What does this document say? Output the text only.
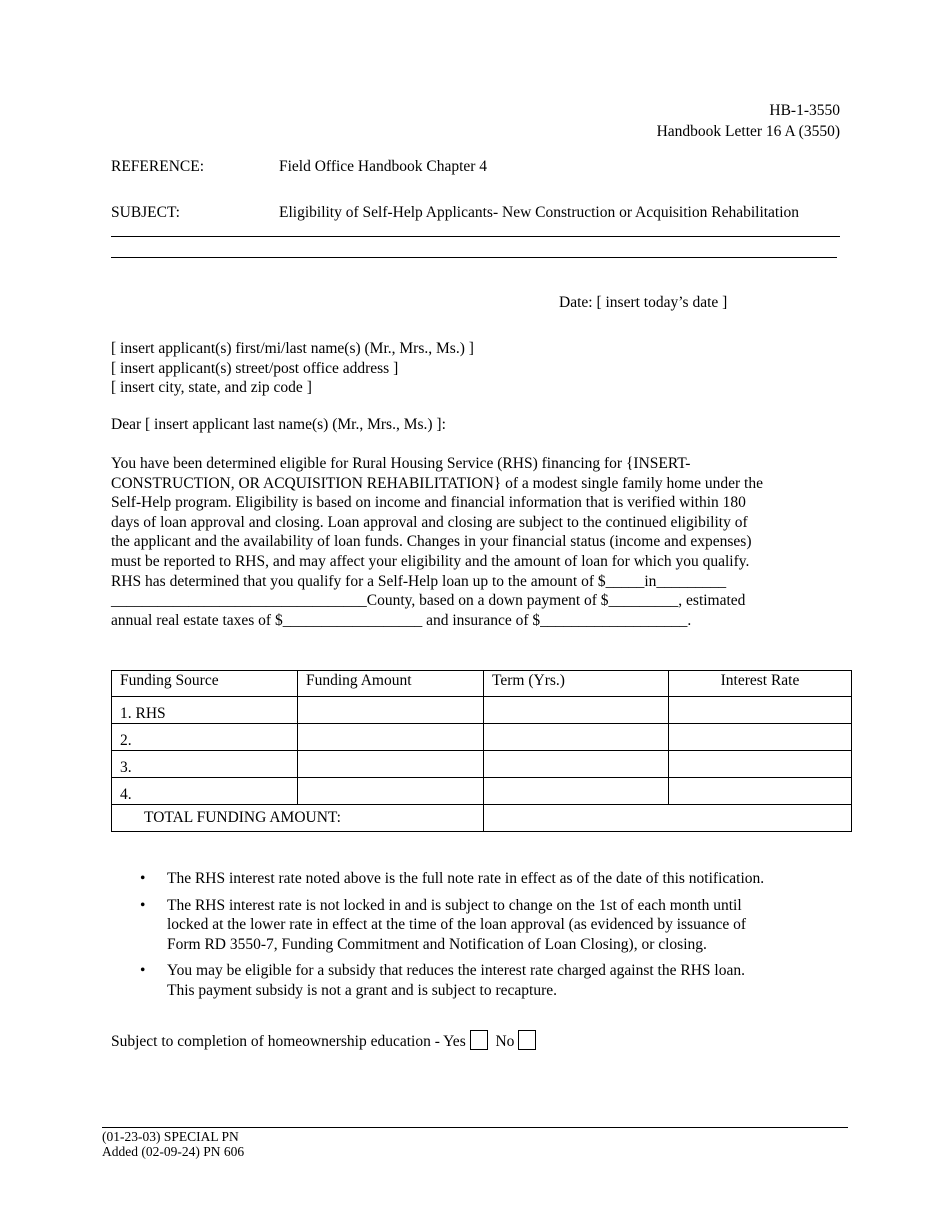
HB-1-3550
Handbook Letter 16 A (3550)
REFERENCE:	Field Office Handbook Chapter 4
SUBJECT:	Eligibility of Self-Help Applicants- New Construction or Acquisition Rehabilitation
Date: [ insert today’s date ]
[ insert applicant(s) first/mi/last name(s) (Mr., Mrs., Ms.) ]
[ insert applicant(s) street/post office address ]
[ insert city, state, and zip code ]
Dear [ insert applicant last name(s) (Mr., Mrs., Ms.) ]:
You have been determined eligible for Rural Housing Service (RHS) financing for {INSERT-
CONSTRUCTION, OR ACQUISITION REHABILITATION} of a modest single family home under the
Self-Help program. Eligibility is based on income and financial information that is verified within 180
days of loan approval and closing. Loan approval and closing are subject to the continued eligibility of
the applicant and the availability of loan funds. Changes in your financial status (income and expenses)
must be reported to RHS, and may affect your eligibility and the amount of loan for which you qualify.
RHS has determined that you qualify for a Self-Help loan up to the amount of $_____in_________
_________________________________County, based on a down payment of $_________, estimated
annual real estate taxes of $__________________ and insurance of $___________________.
Funding Source	Funding Amount	Term (Yrs.)	Interest Rate
1. RHS			
2.			
3.			
4.			
TOTAL FUNDING AMOUNT:			
• The RHS interest rate noted above is the full note rate in effect as of the date of this notification.
• The RHS interest rate is not locked in and is subject to change on the 1st of each month until
locked at the lower rate in effect at the time of the loan approval (as evidenced by issuance of
Form RD 3550-7, Funding Commitment and Notification of Loan Closing), or closing.
• You may be eligible for a subsidy that reduces the interest rate charged against the RHS loan.
This payment subsidy is not a grant and is subject to recapture.
Subject to completion of homeownership education - Yes No
(01-23-03) SPECIAL PN
Added (02-09-24) PN 606
